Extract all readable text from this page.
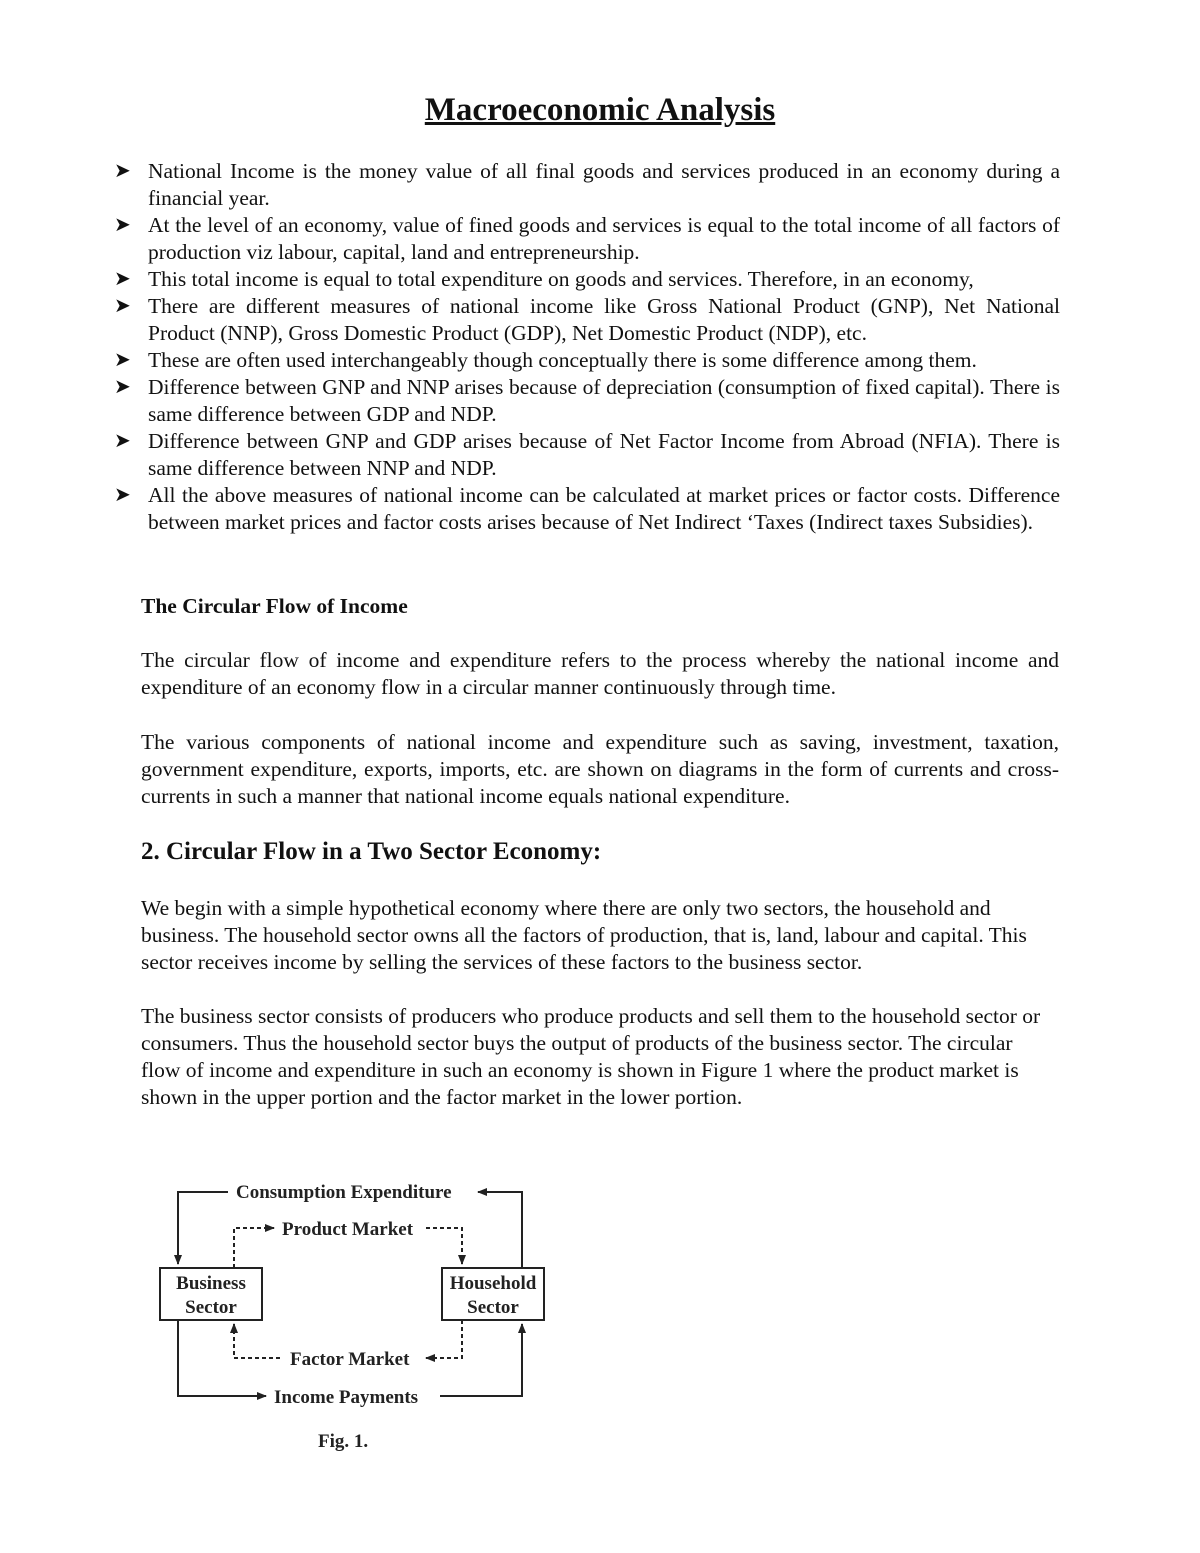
Macroeconomic Analysis
➤ National Income is the money value of all final goods and services produced in an economy during a financial year.
➤ At the level of an economy, value of fined goods and services is equal to the total income of all factors of production viz labour, capital, land and entrepreneurship.
➤ This total income is equal to total expenditure on goods and services. Therefore, in an economy,
➤ There are different measures of national income like Gross National Product (GNP), Net National Product (NNP), Gross Domestic Product (GDP), Net Domestic Product (NDP), etc.
➤ These are often used interchangeably though conceptually there is some difference among them.
➤ Difference between GNP and NNP arises because of depreciation (consumption of fixed capital). There is same difference between GDP and NDP.
➤ Difference between GNP and GDP arises because of Net Factor Income from Abroad (NFIA). There is same difference between NNP and NDP.
➤ All the above measures of national income can be calculated at market prices or factor costs. Difference between market prices and factor costs arises because of Net Indirect ‘Taxes (Indirect taxes Subsidies).
The Circular Flow of Income
The circular flow of income and expenditure refers to the process whereby the national income and expenditure of an economy flow in a circular manner continuously through time.
The various components of national income and expenditure such as saving, investment, taxation, government expenditure, exports, imports, etc. are shown on diagrams in the form of currents and cross-currents in such a manner that national income equals national expenditure.
2. Circular Flow in a Two Sector Economy:
We begin with a simple hypothetical economy where there are only two sectors, the household and business. The household sector owns all the factors of production, that is, land, labour and capital. This sector receives income by selling the services of these factors to the business sector.
The business sector consists of producers who produce products and sell them to the household sector or consumers. Thus the household sector buys the output of products of the business sector. The circular flow of income and expenditure in such an economy is shown in Figure 1 where the product market is shown in the upper portion and the factor market in the lower portion.
Consumption Expenditure
Product Market
Business
Sector
Household
Sector
Factor Market
Income Payments
Fig. 1.
